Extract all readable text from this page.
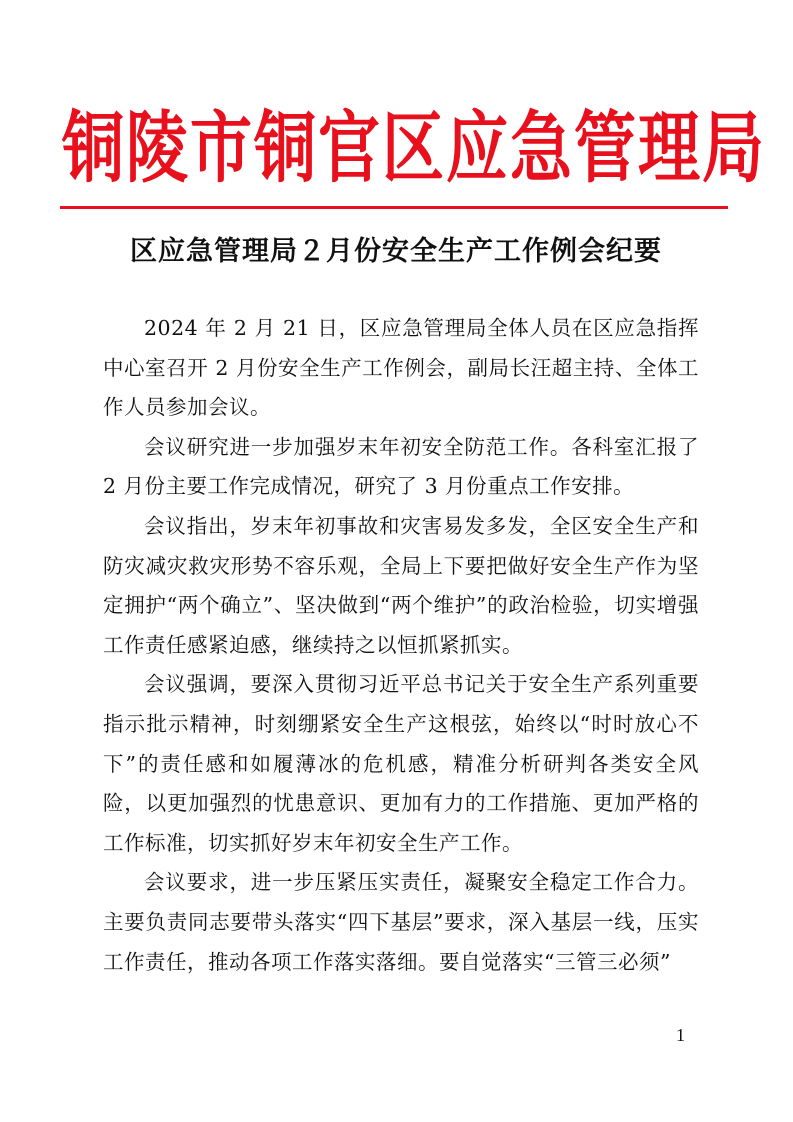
铜陵市铜官区应急管理局
区应急管理局２月份安全生产工作例会纪要

2024 年 2 月 21 日，区应急管理局全体人员在区应急指挥中心室召开 2 月份安全生产工作例会，副局长汪超主持、全体工作人员参加会议。

会议研究进一步加强岁末年初安全防范工作。各科室汇报了 2 月份主要工作完成情况，研究了 3 月份重点工作安排。

会议指出，岁末年初事故和灾害易发多发，全区安全生产和防灾减灾救灾形势不容乐观，全局上下要把做好安全生产作为坚定拥护“两个确立”、坚决做到“两个维护”的政治检验，切实增强工作责任感紧迫感，继续持之以恒抓紧抓实。

会议强调，要深入贯彻习近平总书记关于安全生产系列重要指示批示精神，时刻绷紧安全生产这根弦，始终以“时时放心不下”的责任感和如履薄冰的危机感，精准分析研判各类安全风险，以更加强烈的忧患意识、更加有力的工作措施、更加严格的工作标准，切实抓好岁末年初安全生产工作。

会议要求，进一步压紧压实责任，凝聚安全稳定工作合力。主要负责同志要带头落实“四下基层”要求，深入基层一线，压实工作责任，推动各项工作落实落细。要自觉落实“三管三必须”

1
